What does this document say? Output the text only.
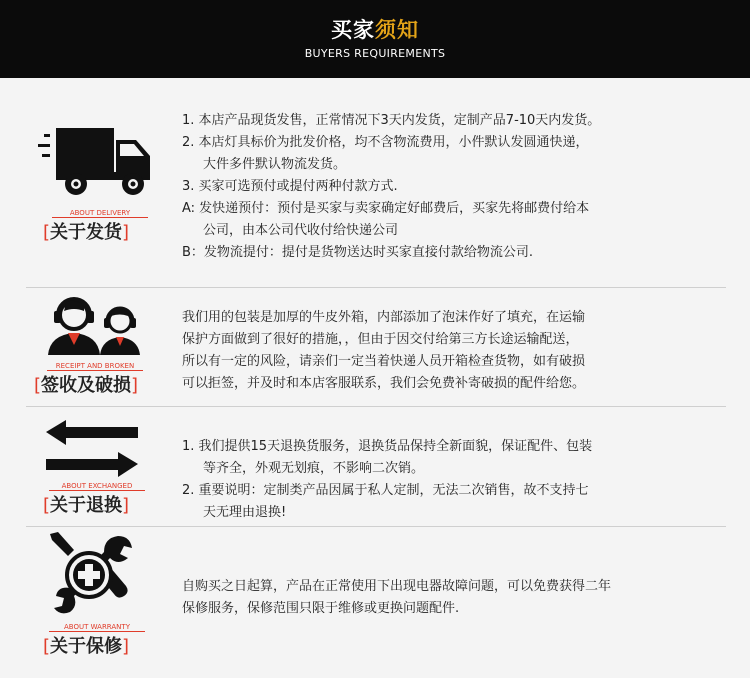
买家须知
BUYERS REQUIREMENTS
ABOUT DELIVERY
[关于发货]
1. 本店产品现货发售，正常情况下3天内发货，定制产品7-10天内发货。
2. 本店灯具标价为批发价格，均不含物流费用，小件默认发圆通快递，
大件多件默认物流发货。
3. 买家可选预付或提付两种付款方式.
A: 发快递预付：预付是买家与卖家确定好邮费后，买家先将邮费付给本
公司，由本公司代收付给快递公司
B：发物流提付：提付是货物送达时买家直接付款给物流公司.
RECEIPT AND BROKEN
[签收及破损]
我们用的包装是加厚的牛皮外箱，内部添加了泡沫作好了填充，在运输
保护方面做到了很好的措施，，但由于因交付给第三方长途运输配送，
所以有一定的风险，请亲们一定当着快递人员开箱检查货物，如有破损
可以拒签，并及时和本店客服联系，我们会免费补寄破损的配件给您。
ABOUT EXCHANGED
[关于退换]
1. 我们提供15天退换货服务，退换货品保持全新面貌，保证配件、包装
等齐全，外观无划痕，不影响二次销。
2. 重要说明：定制类产品因属于私人定制，无法二次销售，故不支持七
天无理由退换!
ABOUT WARRANTY
[关于保修]
自购买之日起算，产品在正常使用下出现电器故障问题，可以免费获得二年
保修服务，保修范围只限于维修或更换问题配件.
